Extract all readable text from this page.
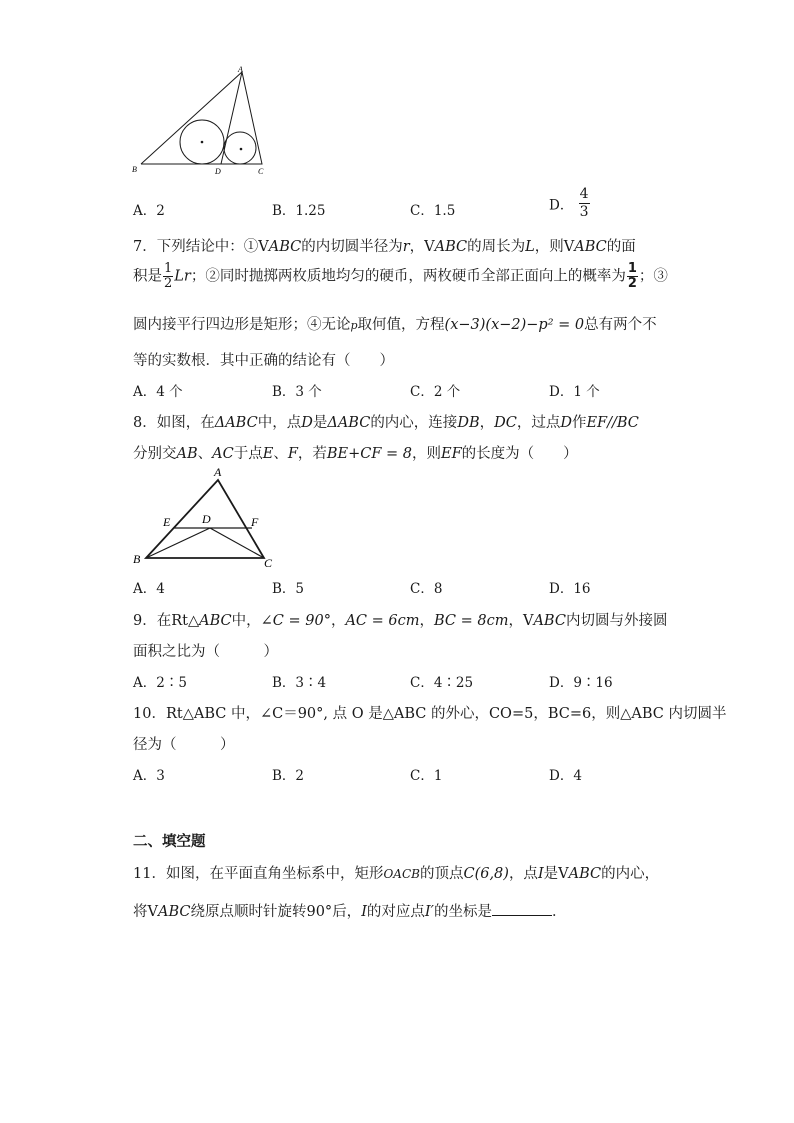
A
B	D	C
A．2	B．1.25	C．1.5	D． $\frac{4}{3}$
7．下列结论中：①VABC的内切圆半径为r，VABC的周长为L，则VABC的面
积是 $\frac{1}{2}$ Lr；②同时抛掷两枚质地均匀的硬币，两枚硬币全部正面向上的概率为 $\frac{1}{2}$ ；③
圆内接平行四边形是矩形；④无论p取何值，方程(x−3)(x−2)−p² = 0总有两个不
等的实数根．其中正确的结论有（　　）
A．4 个	B．3 个	C．2 个	D．1 个
8．如图，在ΔABC中，点D是ΔABC的内心，连接DB，DC，过点D作EF//BC
分别交AB、AC于点E、F，若BE+CF = 8，则EF的长度为（　　）
A
E	D	F
B	C
A．4	B．5	C．8	D．16
9．在Rt△ABC中，∠C = 90°，AC = 6cm，BC = 8cm，VABC内切圆与外接圆
面积之比为（　　　）
A．2∶5	B．3∶4	C．4∶25	D．9∶16
10．Rt△ABC 中，∠C＝90°, 点 O 是△ABC 的外心，CO=5，BC=6，则△ABC 内切圆半
径为（　　　）
A．3	B．2	C．1	D．4
二、填空题
11．如图，在平面直角坐标系中，矩形OACB的顶点C(6,8)，点I是VABC的内心，
将VABC绕原点顺时针旋转90°后，I的对应点I′的坐标是	．
